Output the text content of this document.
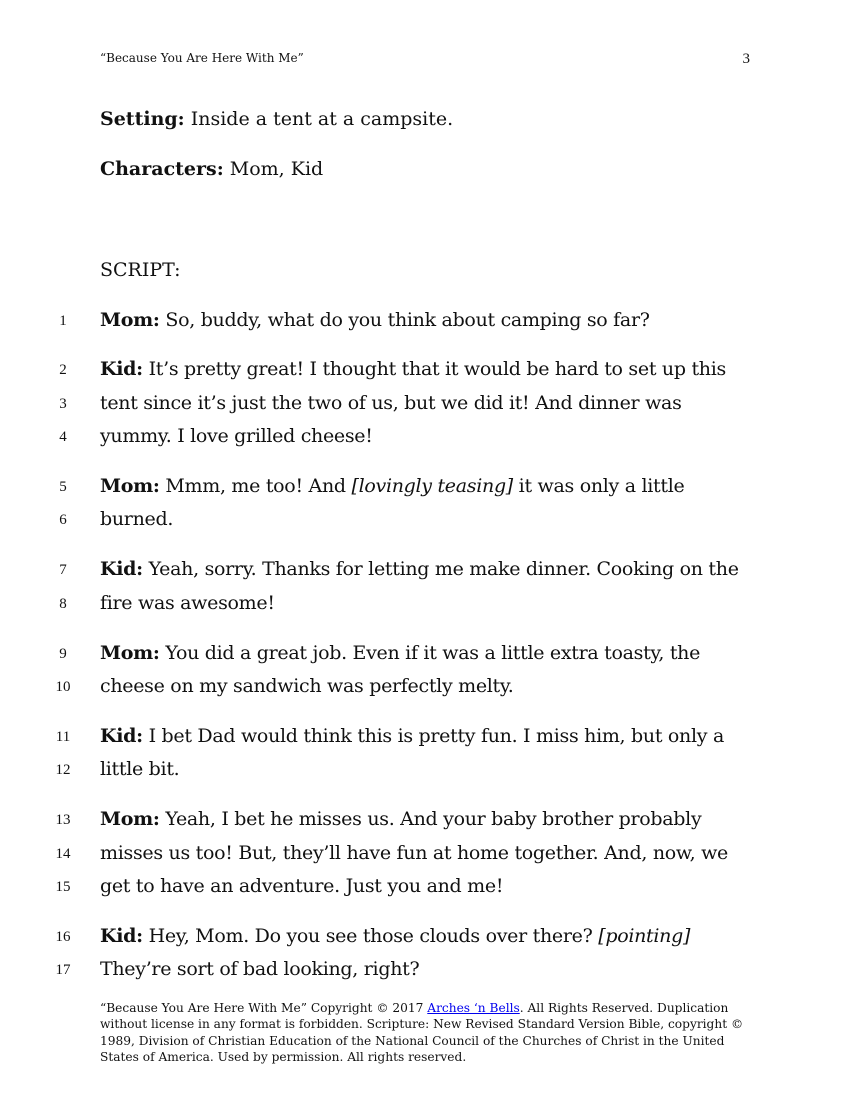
“Because You Are Here With Me”	3
Setting: Inside a tent at a campsite.
Characters: Mom, Kid
SCRIPT:
1	Mom: So, buddy, what do you think about camping so far?
2	Kid: It’s pretty great! I thought that it would be hard to set up this
3	tent since it’s just the two of us, but we did it! And dinner was
4	yummy. I love grilled cheese!
5	Mom: Mmm, me too! And [lovingly teasing] it was only a little
6	burned.
7	Kid: Yeah, sorry. Thanks for letting me make dinner. Cooking on the
8	fire was awesome!
9	Mom: You did a great job. Even if it was a little extra toasty, the
10 cheese on my sandwich was perfectly melty.
11	Kid: I bet Dad would think this is pretty fun. I miss him, but only a
12 little bit.
13 Mom: Yeah, I bet he misses us. And your baby brother probably
14 misses us too! But, they’ll have fun at home together. And, now, we
15 get to have an adventure. Just you and me!
16 Kid: Hey, Mom. Do you see those clouds over there? [pointing]
17 They’re sort of bad looking, right?
“Because You Are Here With Me” Copyright © 2017 Arches ‘n Bells. All Rights Reserved. Duplication without license in any format is forbidden. Scripture: New Revised Standard Version Bible, copyright © 1989, Division of Christian Education of the National Council of the Churches of Christ in the United States of America. Used by permission. All rights reserved.
